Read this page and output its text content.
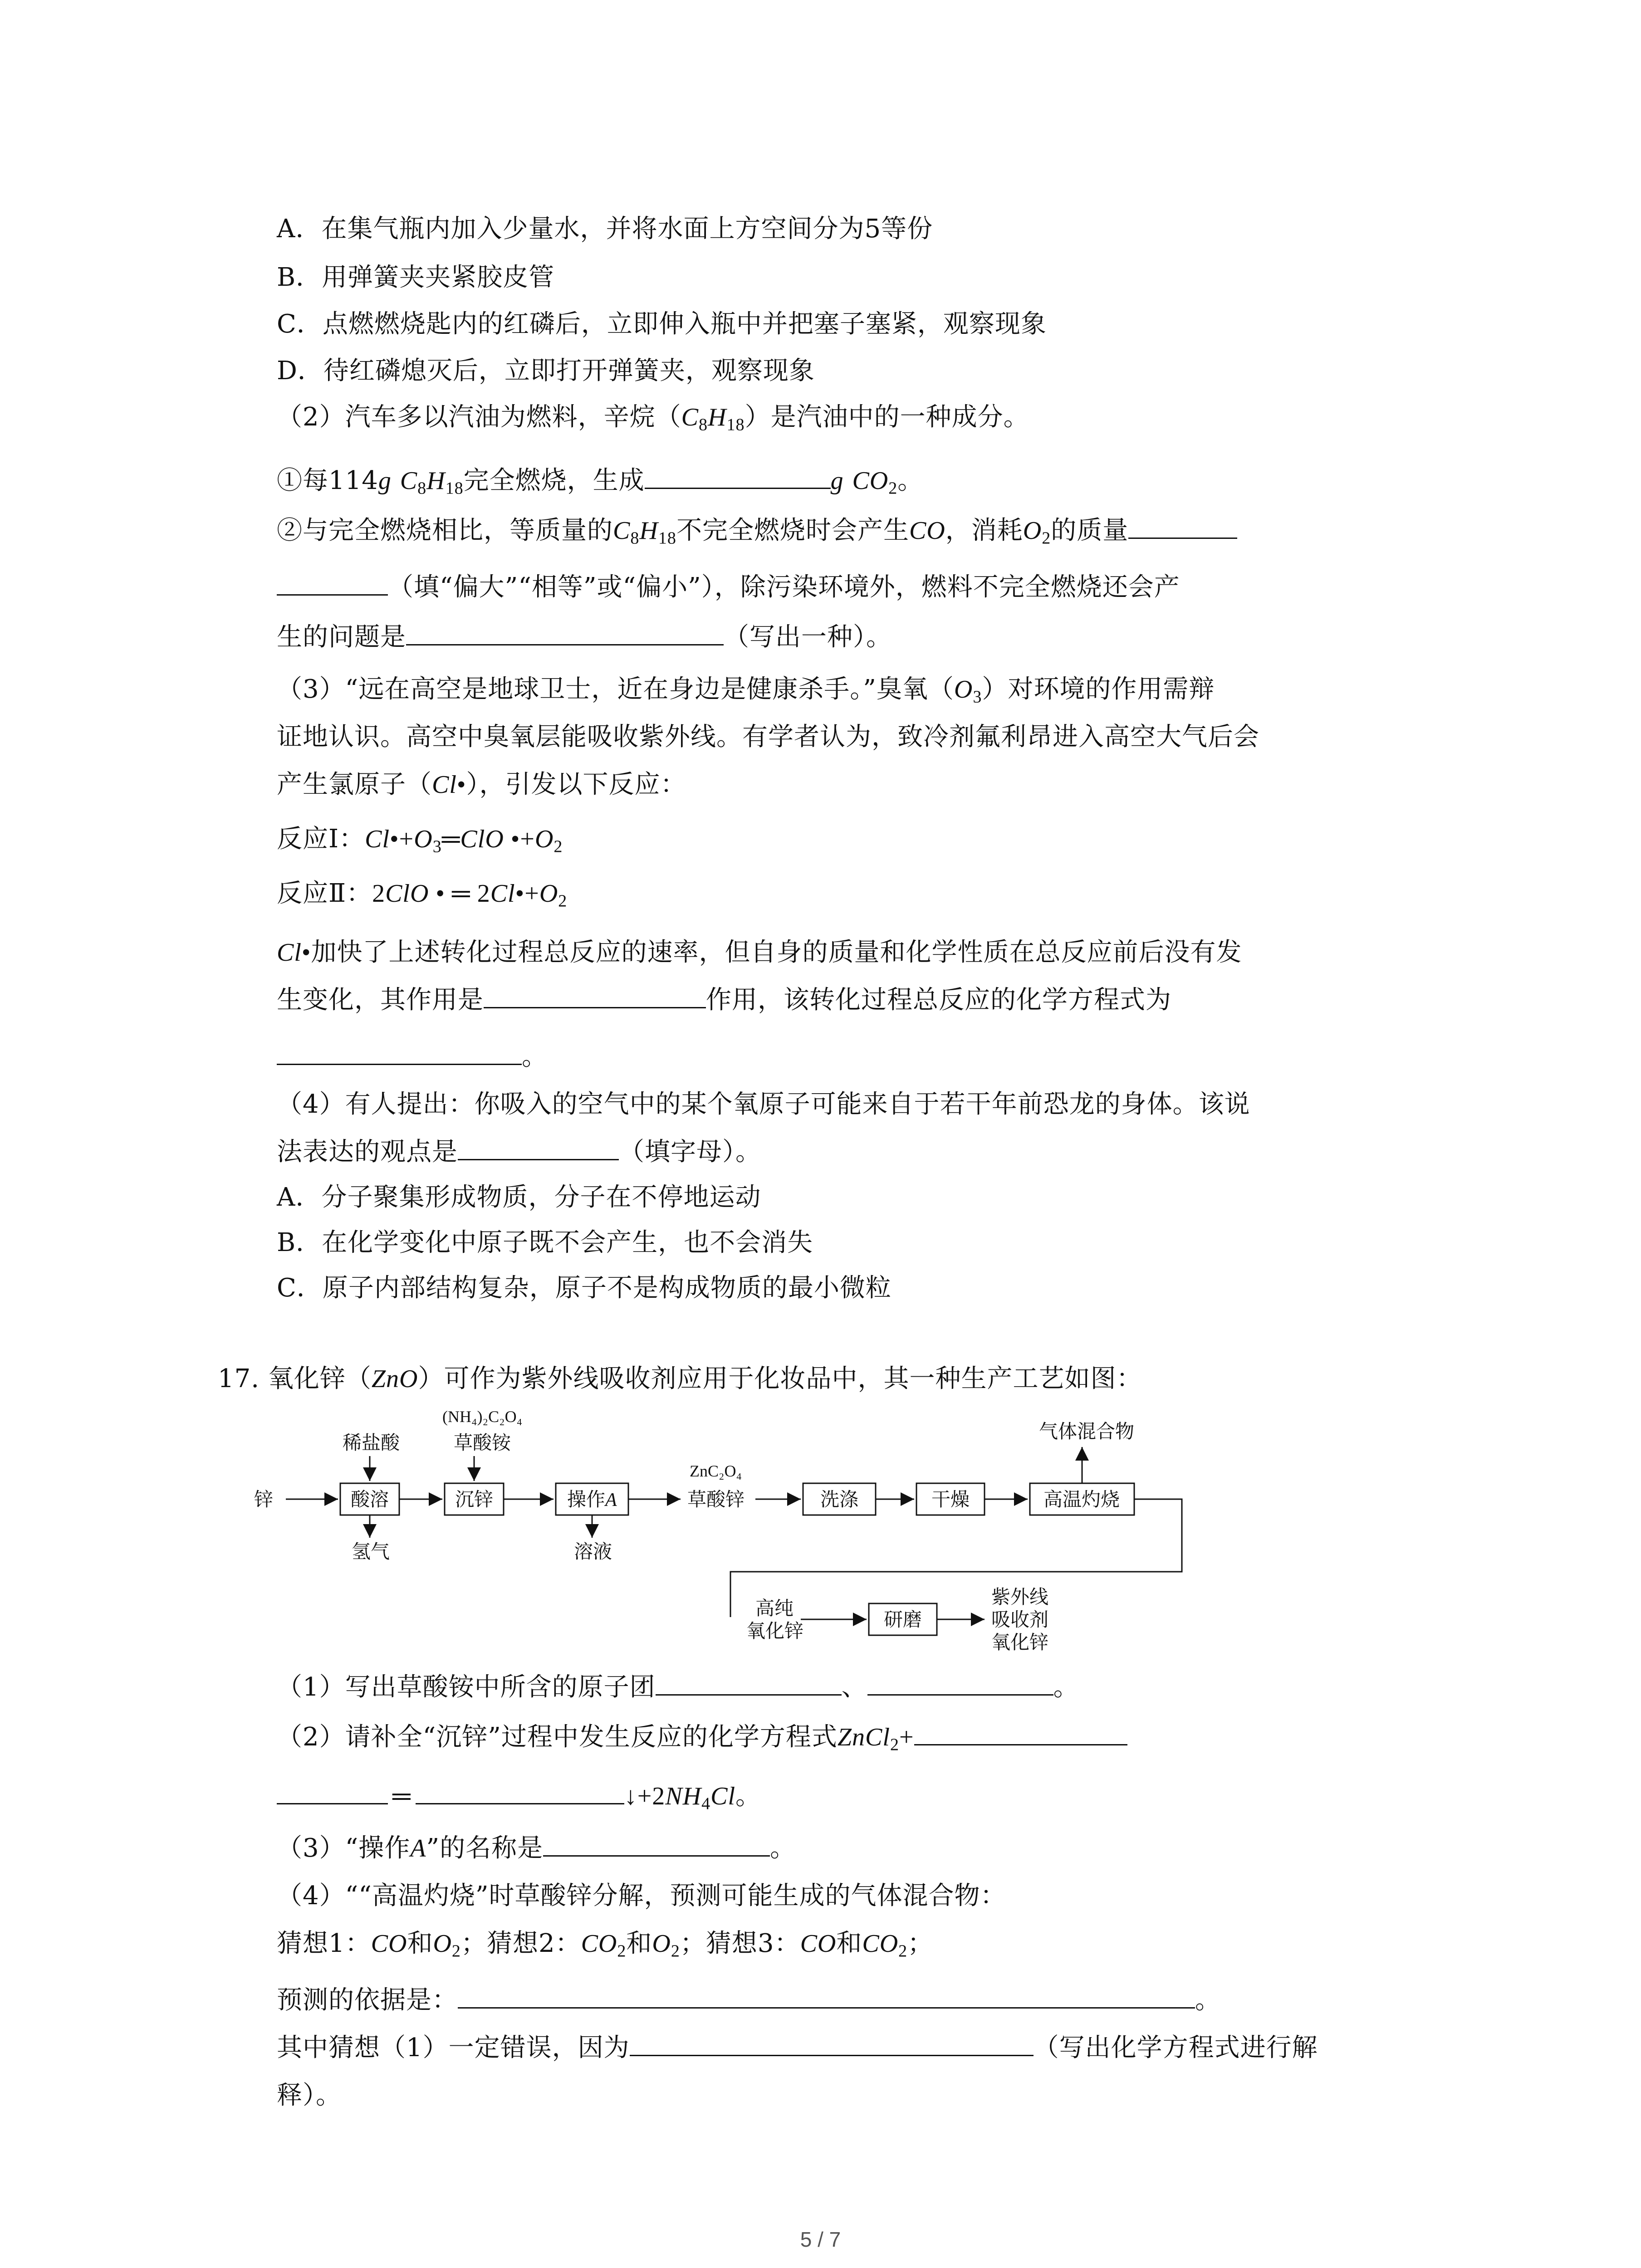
A．在集气瓶内加入少量水，并将水面上方空间分为5等份
B．用弹簧夹夹紧胶皮管
C．点燃燃烧匙内的红磷后，立即伸入瓶中并把塞子塞紧，观察现象
D．待红磷熄灭后，立即打开弹簧夹，观察现象
（2）汽车多以汽油为燃料，辛烷$(C_8H_{18})$是汽油中的一种成分。
①每114g $C_8H_{18}$完全燃烧，生成	g $CO_2$。
②与完全燃烧相比，等质量的$C_8H_{18}$不完全燃烧时会产生CO，消耗$O_2$的质量
（填“偏大”“相等”或“偏小”），除污染环境外，燃料不完全燃烧还会产
生的问题是	（写出一种）。
（3）“远在高空是地球卫士，近在身边是健康杀手。”臭氧$(O_3)$对环境的作用需辩
证地认识。高空中臭氧层能吸收紫外线。有学者认为，致冷剂氟利昂进入高空大气后会
产生氯原子（Cl•），引发以下反应：
反应Ⅰ：$Cl•+O_3═ClO$ $•+O_2$
反应Ⅱ：2ClO • ═ $2Cl•+O_2$
Cl•加快了上述转化过程总反应的速率，但自身的质量和化学性质在总反应前后没有发
生变化，其作用是	作用，该转化过程总反应的化学方程式为
。
（4）有人提出：你吸入的空气中的某个氧原子可能来自于若干年前恐龙的身体。该说
法表达的观点是	（填字母）。
A．分子聚集形成物质，分子在不停地运动
B．在化学变化中原子既不会产生，也不会消失
C．原子内部结构复杂，原子不是构成物质的最小微粒
17. 氧化锌（ZnO）可作为紫外线吸收剂应用于化妆品中，其一种生产工艺如图：
锌
稀盐酸
酸溶
氢气
(NH₄)₂C₂O₄
草酸铵
沉锌	操作A
溶液
ZnC₂O₄
草酸锌	洗涤	干燥	高温灼烧
气体混合物
高纯
氧化锌
研磨
紫外线
吸收剂
氧化锌
（1）写出草酸铵中所含的原子团	、	。
（2）请补全“沉锌”过程中发生反应的化学方程式ZnCl$_2$+
═	$↓+2NH_4Cl$。
（3）“操作A”的名称是	。
（4）““高温灼烧”时草酸锌分解，预测可能生成的气体混合物：
猜想1：CO和$O_2$；猜想2：$CO_2$和$O_2$；猜想3：CO和$CO_2$；
预测的依据是：	。
其中猜想（1）一定错误，因为	（写出化学方程式进行解
释）。
5 / 7
